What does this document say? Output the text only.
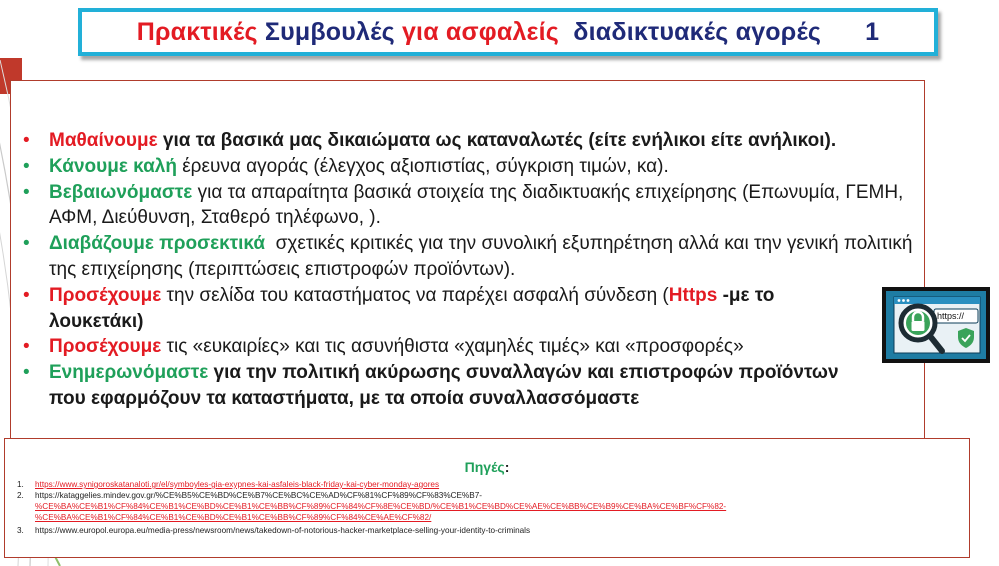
Πρακτικές
Συμβουλές
για ασφαλείς
διαδικτυακές αγορές 1
• Μαθαίνουμε για τα βασικά μας δικαιώματα ως καταναλωτές (είτε ενήλικοι είτε ανήλικοι).
• Κάνουμε καλή έρευνα αγοράς (έλεγχος αξιοπιστίας, σύγκριση τιμών, κα).
• Βεβαιωνόμαστε για τα απαραίτητα βασικά στοιχεία της διαδικτυακής επιχείρησης (Επωνυμία, ΓΕΜΗ, ΑΦΜ, Διεύθυνση, Σταθερό τηλέφωνο, ).
• Διαβάζουμε προσεκτικά  σχετικές κριτικές για την συνολική εξυπηρέτηση αλλά και την γενική πολιτική της επιχείρησης (περιπτώσεις επιστροφών προϊόντων).
• Προσέχουμε την σελίδα του καταστήματος να παρέχει ασφαλή σύνδεση (Https -με το λουκετάκι)
• Προσέχουμε τις «ευκαιρίες» και τις ασυνήθιστα «χαμηλές τιμές» και «προσφορές»
• Ενημερωνόμαστε για την πολιτική ακύρωσης συναλλαγών και επιστροφών προϊόντων που εφαρμόζουν τα καταστήματα, με τα οποία συναλλασσόμαστε
https://
Πηγές:
1. https://www.synigoroskatanaloti.gr/el/symboyles-gia-exypnes-kai-asfaleis-black-friday-kai-cyber-monday-agores
2. https://kataggelies.mindev.gov.gr/%CE%B5%CE%BD%CE%B7%CE%BC%CE%AD%CF%81%CF%89%CF%83%CE%B7-
%CE%BA%CE%B1%CF%84%CE%B1%CE%BD%CE%B1%CE%BB%CF%89%CF%84%CF%8E%CE%BD/%CE%B1%CE%BD%CE%AE%CE%BB%CE%B9%CE%BA%CE%BF%CF%82-
%CE%BA%CE%B1%CF%84%CE%B1%CE%BD%CE%B1%CE%BB%CF%89%CF%84%CE%AE%CF%82/
3. https://www.europol.europa.eu/media-press/newsroom/news/takedown-of-notorious-hacker-marketplace-selling-your-identity-to-criminals
